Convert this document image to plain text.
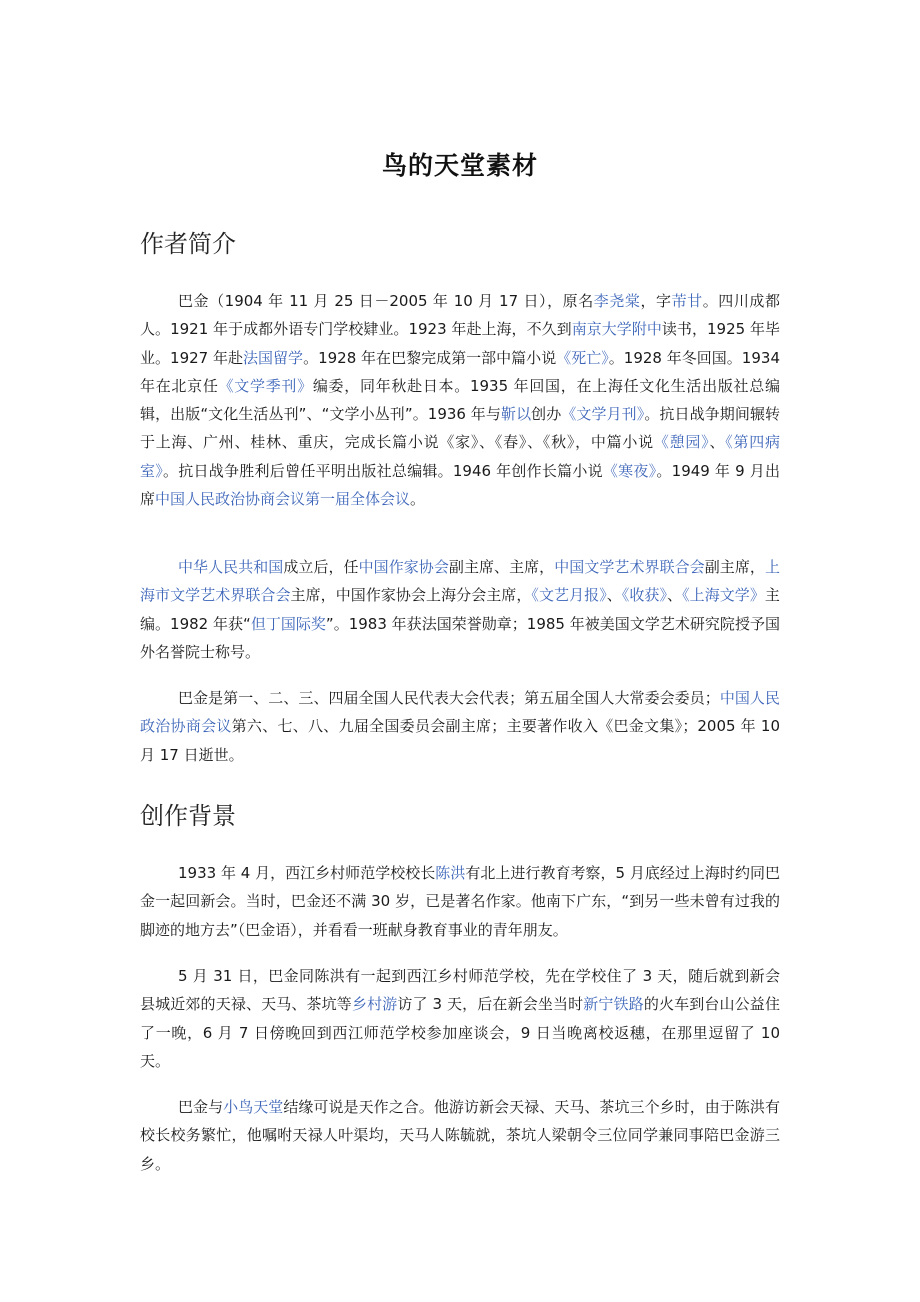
鸟的天堂素材
作者简介

巴金（1904 年 11 月 25 日－2005 年 10 月 17 日），原名李尧棠，字芾甘。四川成都人。1921 年于成都外语专门学校肄业。1923 年赴上海，不久到南京大学附中读书，1925 年毕业。1927 年赴法国留学。1928 年在巴黎完成第一部中篇小说《死亡》。1928 年冬回国。1934 年在北京任《文学季刊》编委，同年秋赴日本。1935 年回国，在上海任文化生活出版社总编辑，出版“文化生活丛刊”、“文学小丛刊”。1936 年与靳以创办《文学月刊》。抗日战争期间辗转于上海、广州、桂林、重庆，完成长篇小说《家》、《春》、《秋》，中篇小说《憩园》、《第四病室》。抗日战争胜利后曾任平明出版社总编辑。1946 年创作长篇小说《寒夜》。1949 年 9 月出席中国人民政治协商会议第一届全体会议。

中华人民共和国成立后，任中国作家协会副主席、主席，中国文学艺术界联合会副主席，上海市文学艺术界联合会主席，中国作家协会上海分会主席，《文艺月报》、《收获》、《上海文学》主编。1982 年获“但丁国际奖”。1983 年获法国荣誉勋章；1985 年被美国文学艺术研究院授予国外名誉院士称号。

巴金是第一、二、三、四届全国人民代表大会代表；第五届全国人大常委会委员；中国人民政治协商会议第六、七、八、九届全国委员会副主席；主要著作收入《巴金文集》；2005 年 10 月 17 日逝世。

创作背景

1933 年 4 月，西江乡村师范学校校长陈洪有北上进行教育考察，5 月底经过上海时约同巴金一起回新会。当时，巴金还不满 30 岁，已是著名作家。他南下广东，“到另一些未曾有过我的脚迹的地方去”（巴金语），并看看一班献身教育事业的青年朋友。

5 月 31 日，巴金同陈洪有一起到西江乡村师范学校，先在学校住了 3 天，随后就到新会县城近郊的天禄、天马、茶坑等乡村游访了 3 天，后在新会坐当时新宁铁路的火车到台山公益住了一晚，6 月 7 日傍晚回到西江师范学校参加座谈会，9 日当晚离校返穗，在那里逗留了 10 天。

巴金与小鸟天堂结缘可说是天作之合。他游访新会天禄、天马、茶坑三个乡时，由于陈洪有校长校务繁忙，他嘱咐天禄人叶渠均，天马人陈毓就，茶坑人梁朝令三位同学兼同事陪巴金游三乡。
